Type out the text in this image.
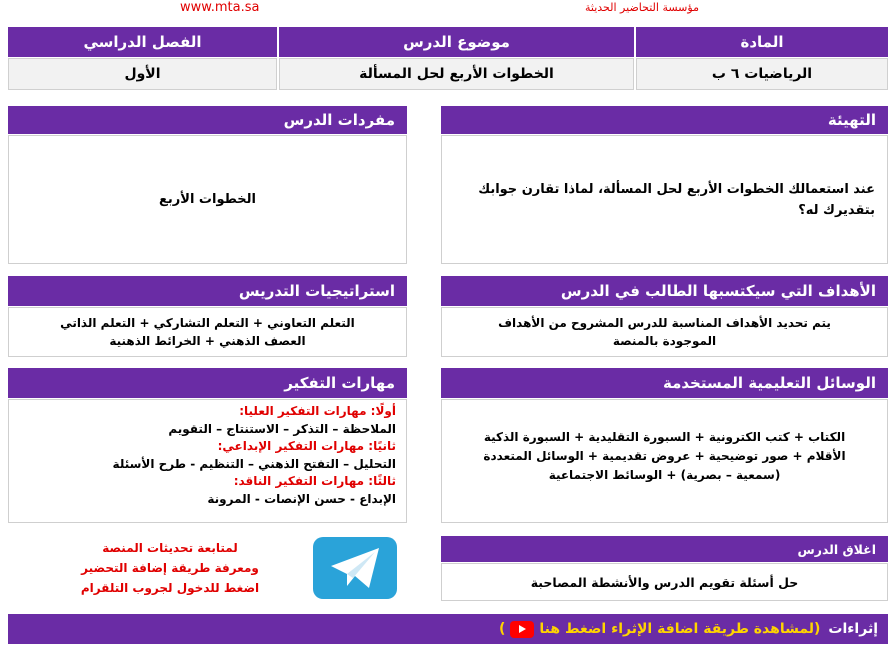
www.mta.sa	مؤسسة التحاضير الحديثة
المادة
موضوع الدرس
الفصل الدراسي
الرياضيات ٦ ب
الخطوات الأربع لحل المسألة
الأول
التهيئة
عند استعمالك الخطوات الأربع لحل المسألة، لماذا تقارن جوابك بتقديرك له؟
مفردات الدرس
الخطوات الأربع
الأهداف التي سيكتسبها الطالب في الدرس
يتم تحديد الأهداف المناسبة للدرس المشروح من الأهداف الموجودة بالمنصة
استراتيجيات التدريس
التعلم التعاوني + التعلم التشاركي + التعلم الذاتي
العصف الذهني + الخرائط الذهنية
الوسائل التعليمية المستخدمة
الكتاب + كتب الكترونية + السبورة التقليدية + السبورة الذكية
الأقلام + صور توضيحية + عروض تقديمية + الوسائل المتعددة
(سمعية – بصرية) + الوسائط الاجتماعية
مهارات التفكير
أولًا: مهارات التفكير العليا:
الملاحظة – التذكر – الاستنتاج – التقويم
ثانيًا: مهارات التفكير الإبداعي:
التحليل – التفتح الذهني – التنظيم - طرح الأسئلة
ثالثًا: مهارات التفكير الناقد:
الإبداع - حسن الإنصات - المرونة
لمتابعة تحديثات المنصة
ومعرفة طريقة إضافة التحضير
اضغط للدخول لجروب التلقرام
اغلاق الدرس
حل أسئلة تقويم الدرس والأنشطة المصاحبة
إثراءات
(لمشاهدة طريقة اضافة الإثراء اضغط هنا
)
